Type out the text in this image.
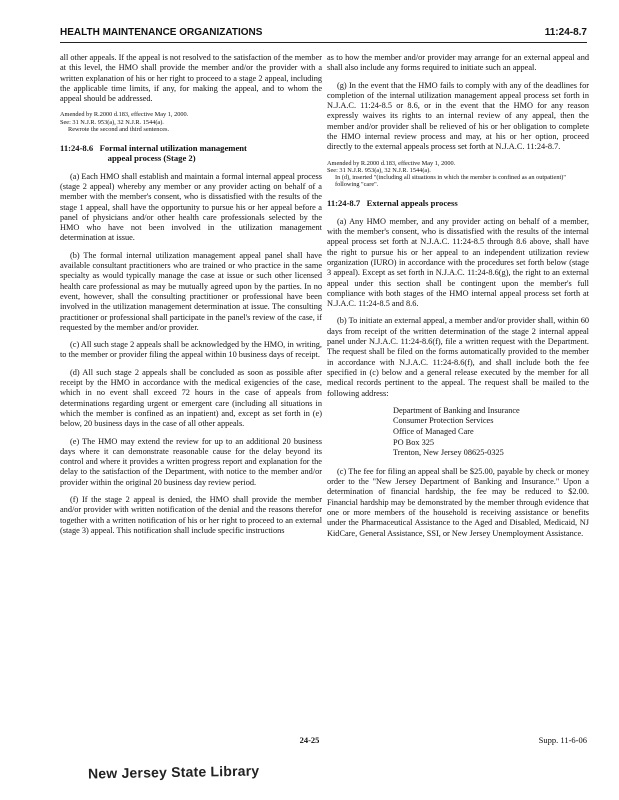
HEALTH MAINTENANCE ORGANIZATIONS	11:24-8.7

all other appeals. If the appeal is not resolved to the satisfaction of the member at this level, the HMO shall provide the member and/or the provider with a written explanation of his or her right to proceed to a stage 2 appeal, including the applicable time limits, if any, for making the appeal, and to whom the appeal should be addressed.

Amended by R.2000 d.183, effective May 1, 2000.
See: 31 N.J.R. 953(a), 32 N.J.R. 1544(a).
Rewrote the second and third sentences.
11:24-8.6 Formal internal utilization management
appeal process (Stage 2)

(a) Each HMO shall establish and maintain a formal internal appeal process (stage 2 appeal) whereby any member or any provider acting on behalf of a member with the member's consent, who is dissatisfied with the results of the stage 1 appeal, shall have the opportunity to pursue his or her appeal before a panel of physicians and/or other health care professionals selected by the HMO who have not been involved in the utilization management determination at issue.

(b) The formal internal utilization management appeal panel shall have available consultant practitioners who are trained or who practice in the same specialty as would typically manage the case at issue or such other licensed health care professional as may be mutually agreed upon by the parties. In no event, however, shall the consulting practitioner or professional have been involved in the utilization management determination at issue. The consulting practitioner or professional shall participate in the panel's review of the case, if requested by the member and/or provider.

(c) All such stage 2 appeals shall be acknowledged by the HMO, in writing, to the member or provider filing the appeal within 10 business days of receipt.

(d) All such stage 2 appeals shall be concluded as soon as possible after receipt by the HMO in accordance with the medical exigencies of the case, which in no event shall exceed 72 hours in the case of appeals from determinations regarding urgent or emergent care (including all situations in which the member is confined as an inpatient) and, except as set forth in (e) below, 20 business days in the case of all other appeals.

(e) The HMO may extend the review for up to an additional 20 business days where it can demonstrate reasonable cause for the delay beyond its control and where it provides a written progress report and explanation for the delay to the satisfaction of the Department, with notice to the member and/or provider within the original 20 business day review period.

(f) If the stage 2 appeal is denied, the HMO shall provide the member and/or provider with written notification of the denial and the reasons therefor together with a written notification of his or her right to proceed to an external (stage 3) appeal. This notification shall include specific instructions

as to how the member and/or provider may arrange for an external appeal and shall also include any forms required to initiate such an appeal.

(g) In the event that the HMO fails to comply with any of the deadlines for completion of the internal utilization management appeal process set forth in N.J.A.C. 11:24-8.5 or 8.6, or in the event that the HMO for any reason expressly waives its rights to an internal review of any appeal, then the member and/or provider shall be relieved of his or her obligation to complete the HMO internal review process and may, at his or her option, proceed directly to the external appeals process set forth at N.J.A.C. 11:24-8.7.

Amended by R.2000 d.183, effective May 1, 2000.
See: 31 N.J.R. 953(a), 32 N.J.R. 1544(a).
In (d), inserted "(including all situations in which the member is confined as an outpatient)" following "care".
11:24-8.7 External appeals process

(a) Any HMO member, and any provider acting on behalf of a member, with the member's consent, who is dissatisfied with the results of the internal appeal process set forth at N.J.A.C. 11:24-8.5 through 8.6 above, shall have the right to pursue his or her appeal to an independent utilization review organization (IURO) in accordance with the procedures set forth below (stage 3 appeal). Except as set forth in N.J.A.C. 11:24-8.6(g), the right to an external appeal under this section shall be contingent upon the member's full compliance with both stages of the HMO internal appeal process set forth at N.J.A.C. 11:24-8.5 and 8.6.

(b) To initiate an external appeal, a member and/or provider shall, within 60 days from receipt of the written determination of the stage 2 internal appeal panel under N.J.A.C. 11:24-8.6(f), file a written request with the Department. The request shall be filed on the forms automatically provided to the member in accordance with N.J.A.C. 11:24-8.6(f), and shall include both the fee specified in (c) below and a general release executed by the member for all medical records pertinent to the appeal. The request shall be mailed to the following address:

Department of Banking and Insurance
Consumer Protection Services
Office of Managed Care
PO Box 325
Trenton, New Jersey 08625-0325

(c) The fee for filing an appeal shall be $25.00, payable by check or money order to the "New Jersey Department of Banking and Insurance." Upon a determination of financial hardship, the fee may be reduced to $2.00. Financial hardship may be demonstrated by the member through evidence that one or more members of the household is receiving assistance or benefits under the Pharmaceutical Assistance to the Aged and Disabled, Medicaid, NJ KidCare, General Assistance, SSI, or New Jersey Unemployment Assistance.

24-25	Supp. 11-6-06
New Jersey State Library
